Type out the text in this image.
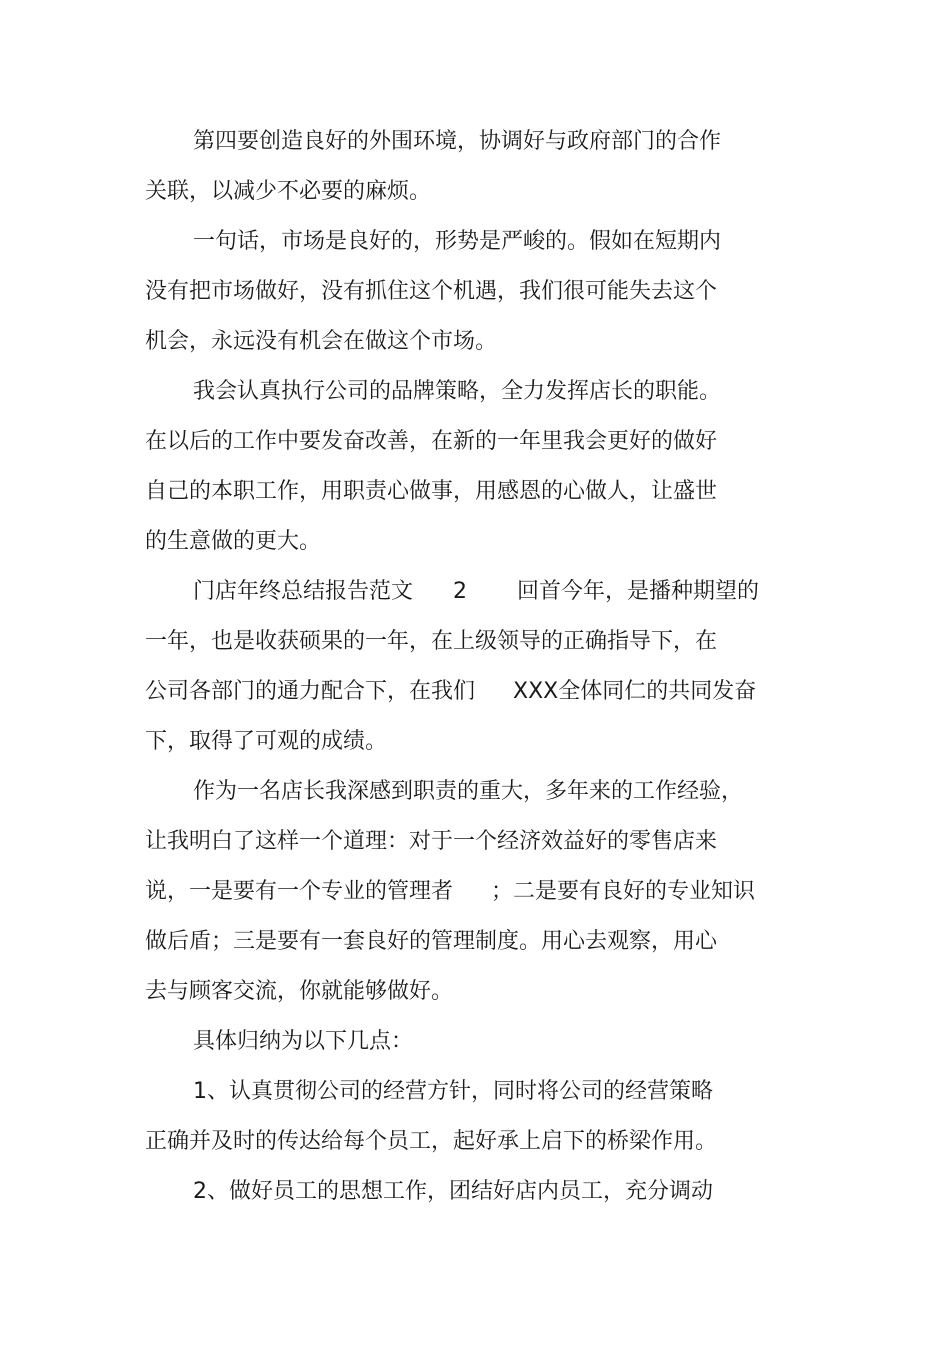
第四要创造良好的外围环境，协调好与政府部门的合作
关联，以减少不必要的麻烦。
一句话，市场是良好的，形势是严峻的。假如在短期内
没有把市场做好，没有抓住这个机遇，我们很可能失去这个
机会，永远没有机会在做这个市场。
我会认真执行公司的品牌策略，全力发挥店长的职能。
在以后的工作中要发奋改善，在新的一年里我会更好的做好
自己的本职工作，用职责心做事，用感恩的心做人，让盛世
的生意做的更大。
门店年终总结报告范文 2 回首今年，是播种期望的
一年，也是收获硕果的一年，在上级领导的正确指导下，在
公司各部门的通力配合下，在我们 XXX全体同仁的共同发奋
下，取得了可观的成绩。
作为一名店长我深感到职责的重大，多年来的工作经验，
让我明白了这样一个道理：对于一个经济效益好的零售店来
说，一是要有一个专业的管理者 ；二是要有良好的专业知识
做后盾；三是要有一套良好的管理制度。用心去观察，用心
去与顾客交流，你就能够做好。
具体归纳为以下几点：
1、认真贯彻公司的经营方针，同时将公司的经营策略
正确并及时的传达给每个员工，起好承上启下的桥梁作用。
2、做好员工的思想工作，团结好店内员工，充分调动
